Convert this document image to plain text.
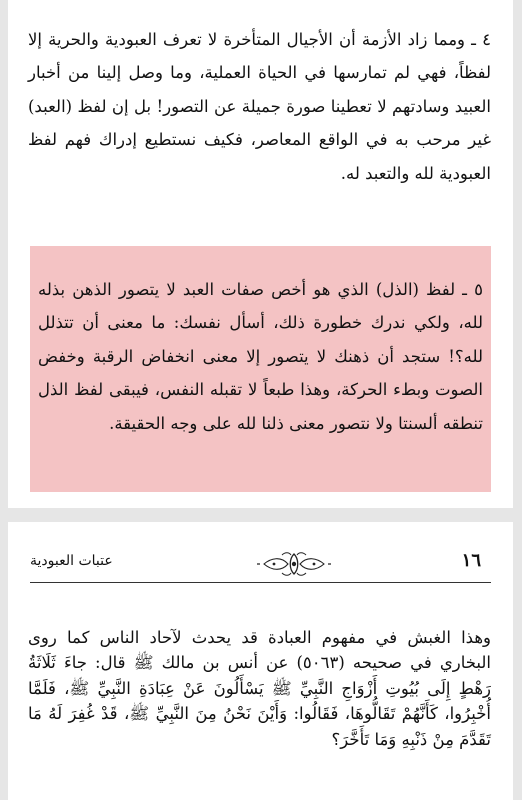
٤ ـ ومما زاد الأزمة أن الأجيال المتأخرة لا تعرف العبودية والحرية إلا لفظاً، فهي لم تمارسها في الحياة العملية، وما وصل إلينا من أخبار العبيد وسادتهم لا تعطينا صورة جميلة عن التصور! بل إن لفظ (العبد) غير مرحب به في الواقع المعاصر، فكيف نستطيع إدراك فهم لفظ العبودية لله والتعبد له.

٥ ـ لفظ (الذل) الذي هو أخص صفات العبد لا يتصور الذهن بذله لله، ولكي ندرك خطورة ذلك، أسأل نفسك: ما معنى أن تتذلل لله؟! ستجد أن ذهنك لا يتصور إلا معنى انخفاض الرقبة وخفض الصوت وبطء الحركة، وهذا طبعاً لا تقبله النفس، فيبقى لفظ الذل تنطقه ألسنتا ولا نتصور معنى ذلنا لله على وجه الحقيقة.

١٦
عتبات العبودية

وهذا الغبش في مفهوم العبادة قد يحدث لآحاد الناس كما روى البخاري في صحيحه (٥٠٦٣) عن أنس بن مالك ﷺ قال: جاءَ ثَلَاثَةُ رَهْطٍ إِلَى بُيُوتِ أَزْوَاجِ النَّبِيِّ ﷺ يَسْأَلُونَ عَنْ عِبَادَةِ النَّبِيِّ ﷺ، فَلَمَّا أُخْبِرُوا، كَأَنَّهُمْ تَقَالُّوهَا، فَقَالُوا: وَأَيْنَ نَحْنُ مِنَ النَّبِيِّ ﷺ، قَدْ غُفِرَ لَهُ مَا تَقَدَّمَ مِنْ ذَنْبِهِ وَمَا تَأَخَّرَ؟
